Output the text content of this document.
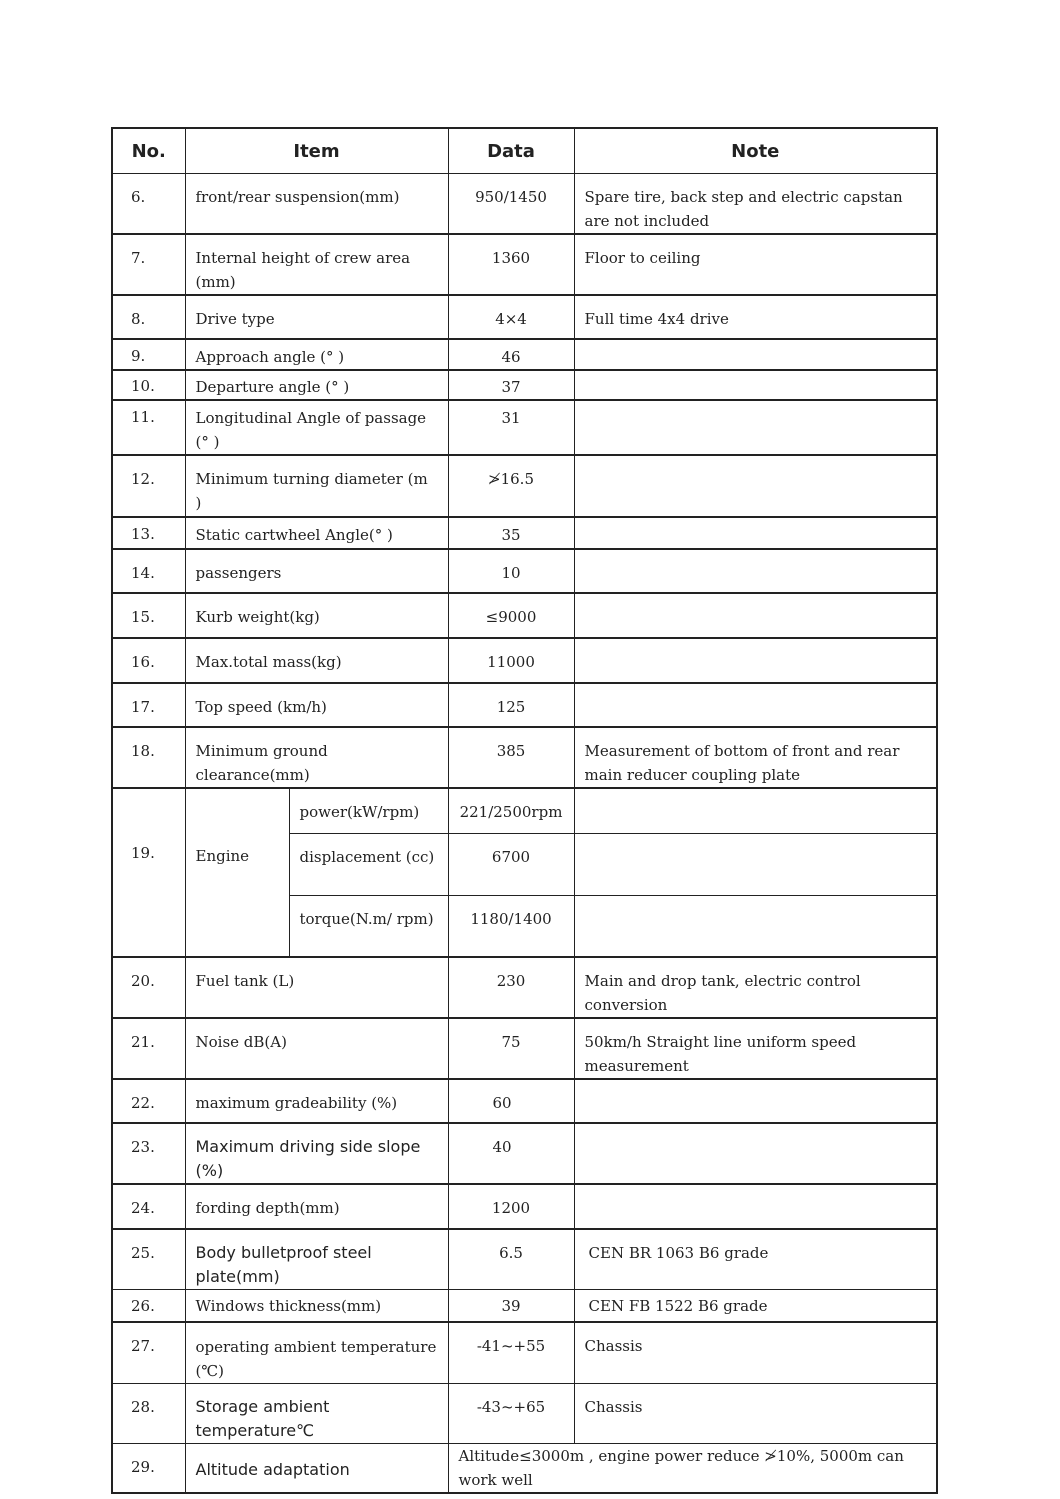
No.	Item		Data	Note

6.	front/rear suspension(mm)		950/1450	Spare tire, back step and electric capstan are not included

7.	Internal height of crew area (mm)		1360	Floor to ceiling

8.	Drive type		4×4	Full time 4x4 drive

9.	Approach angle (° )		46	

10.	Departure angle (° )		37	

11.	Longitudinal Angle of passage (° )		31	

12.	Minimum turning diameter (m )		≯16.5	

13.	Static cartwheel Angle(° )		35	

14.	passengers		10	

15.	Kurb weight(kg)		≤9000	

16.	Max.total mass(kg)		11000	

17.	Top speed (km/h)		125	

18.	Minimum ground clearance(mm)		385	Measurement of bottom of front and rear main reducer coupling plate

19.	Engine	power(kW/rpm)	221/2500rpm	

		displacement (cc)	6700	

		torque(N.m/ rpm)	1180/1400	

20.	Fuel tank (L)		230	Main and drop tank, electric control conversion

21.	Noise dB(A)		75	50km/h Straight line uniform speed measurement

22.	maximum gradeability (%)		60	

23.	Maximum driving side slope (%)		40	

24.	fording depth(mm)		1200	

25.	Body bulletproof steel plate(mm)		6.5	CEN BR 1063 B6 grade

26.	Windows thickness(mm)		39	CEN FB 1522 B6 grade

27.	operating ambient temperature (℃)		-41~+55	Chassis

28.	Storage ambient temperature℃		-43~+65	Chassis

29.	Altitude adaptation		Altitude≤3000m , engine power reduce ≯10%, 5000m can work well	
